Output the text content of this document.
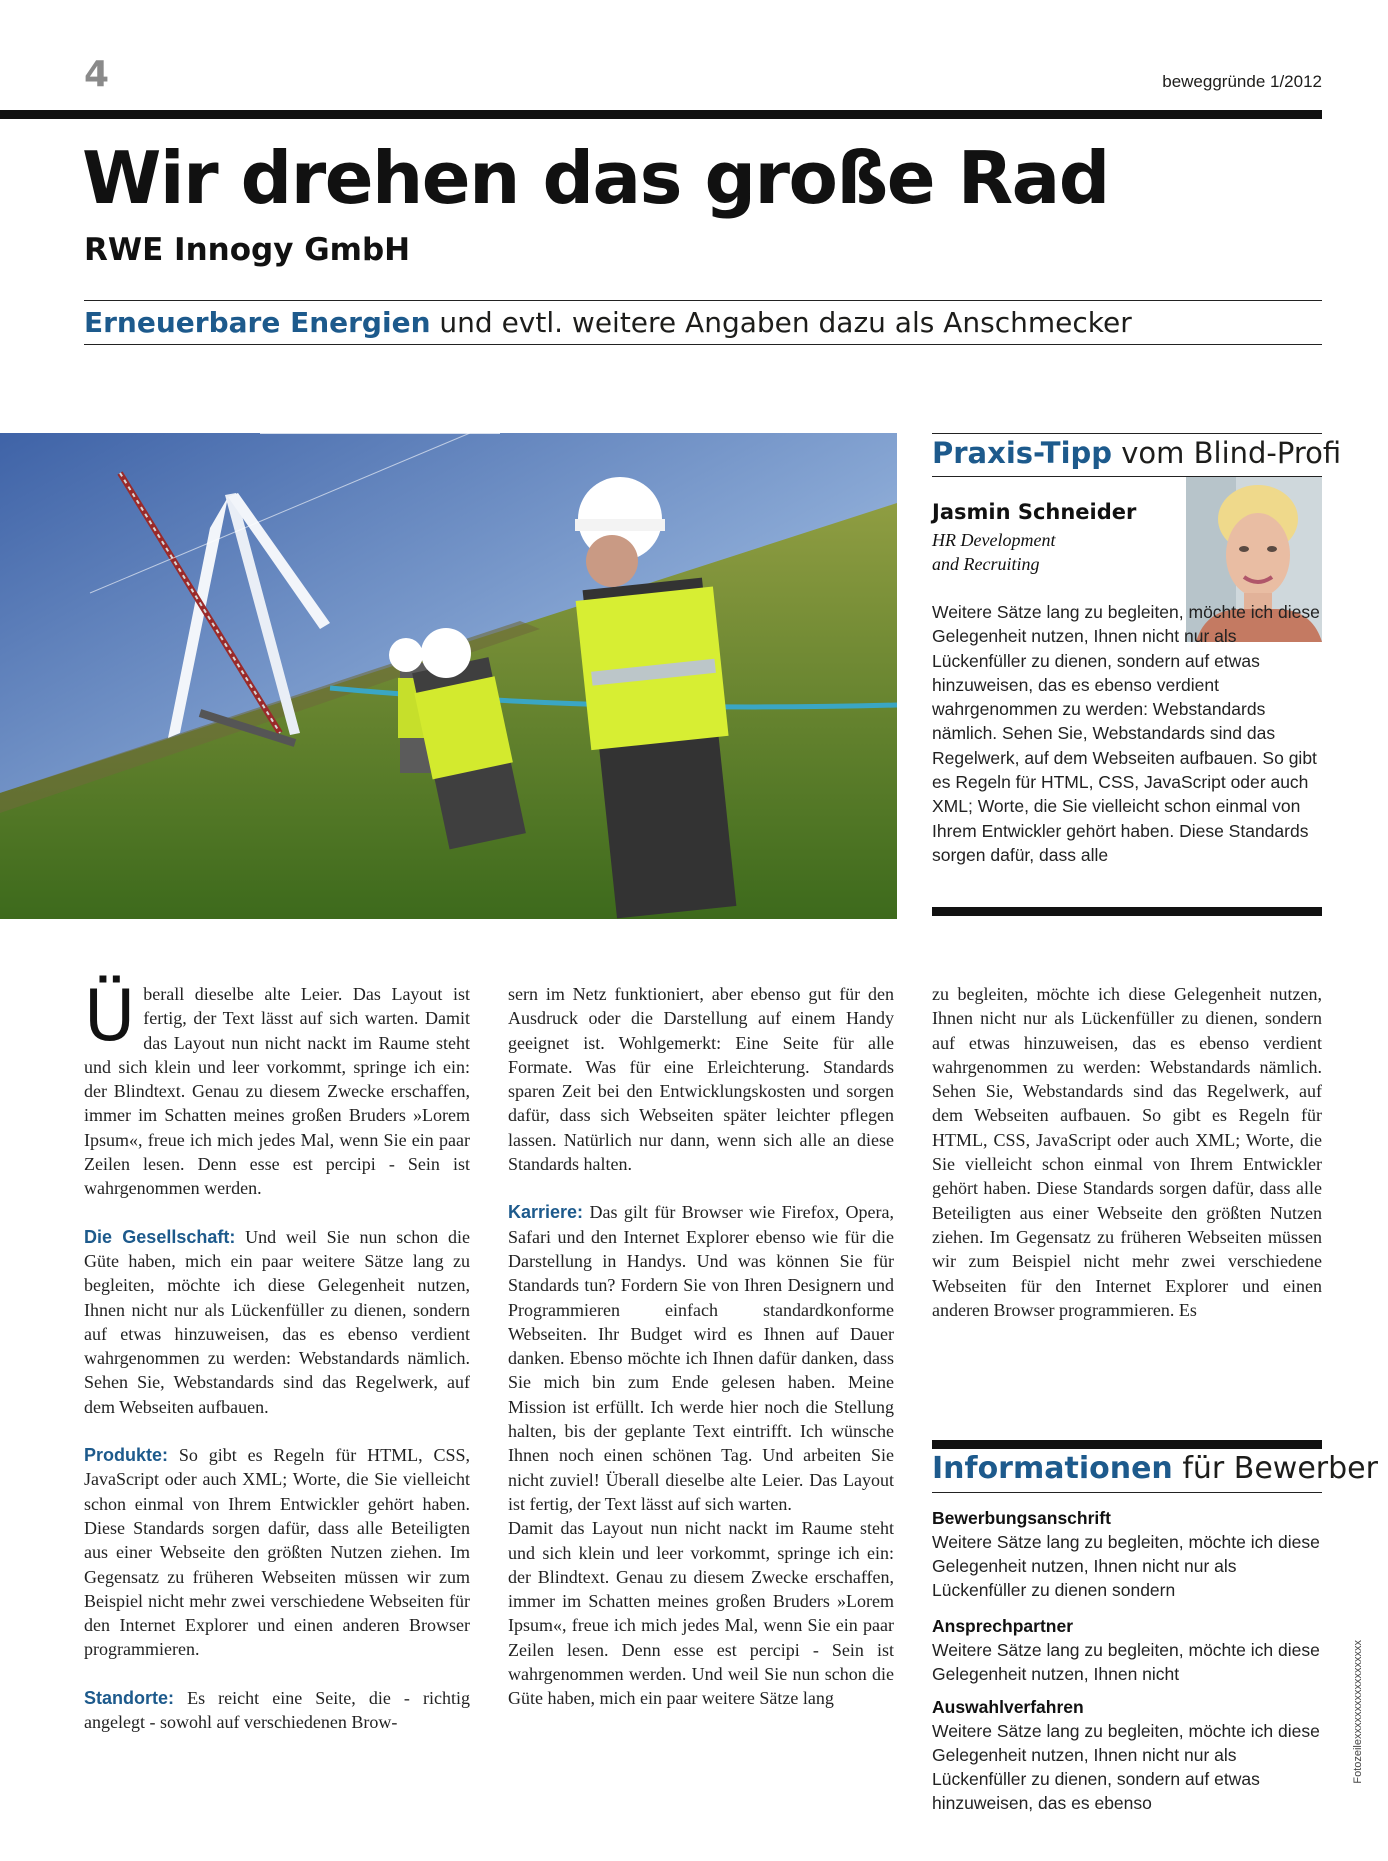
4	beweggründe 1/2012
Wir drehen das große Rad
RWE Innogy GmbH
Erneuerbare Energien und evtl. weitere Angaben dazu als Anschmecker
Praxis-Tipp vom Blind-Profi
Jasmin Schneider
HR Development
and Recruiting

Weitere Sätze lang zu begleiten, möchte ich diese Gelegenheit nutzen, Ihnen nicht nur als Lückenfüller zu dienen, sondern auf etwas hinzuweisen, das es ebenso verdient wahrgenommen zu werden: Webstandards nämlich. Sehen Sie, Webstandards sind das Regelwerk, auf dem Webseiten aufbauen. So gibt es Regeln für HTML, CSS, JavaScript oder auch XML; Worte, die Sie vielleicht schon einmal von Ihrem Entwickler gehört haben. Diese Standards sorgen dafür, dass alle

Überall dieselbe alte Leier. Das Layout ist fertig, der Text lässt auf sich warten. Damit das Layout nun nicht nackt im Raume steht und sich klein und leer vorkommt, springe ich ein: der Blindtext. Genau zu diesem Zwecke erschaffen, immer im Schatten meines großen Bruders »Lorem Ipsum«, freue ich mich jedes Mal, wenn Sie ein paar Zeilen lesen. Denn esse est percipi - Sein ist wahrgenommen werden.

Die Gesellschaft: Und weil Sie nun schon die Güte haben, mich ein paar weitere Sätze lang zu begleiten, möchte ich diese Gelegenheit nutzen, Ihnen nicht nur als Lückenfüller zu dienen, sondern auf etwas hinzuweisen, das es ebenso verdient wahrgenommen zu werden: Webstandards nämlich. Sehen Sie, Webstandards sind das Regelwerk, auf dem Webseiten aufbauen.

Produkte: So gibt es Regeln für HTML, CSS, JavaScript oder auch XML; Worte, die Sie vielleicht schon einmal von Ihrem Entwickler gehört haben. Diese Standards sorgen dafür, dass alle Beteiligten aus einer Webseite den größten Nutzen ziehen. Im Gegensatz zu früheren Webseiten müssen wir zum Beispiel nicht mehr zwei verschiedene Webseiten für den Internet Explorer und einen anderen Browser programmieren.

Standorte: Es reicht eine Seite, die - richtig angelegt - sowohl auf verschiedenen Brow-

sern im Netz funktioniert, aber ebenso gut für den Ausdruck oder die Darstellung auf einem Handy geeignet ist. Wohlgemerkt: Eine Seite für alle Formate. Was für eine Erleichterung. Standards sparen Zeit bei den Entwicklungskosten und sorgen dafür, dass sich Webseiten später leichter pflegen lassen. Natürlich nur dann, wenn sich alle an diese Standards halten.

Karriere: Das gilt für Browser wie Firefox, Opera, Safari und den Internet Explorer ebenso wie für die Darstellung in Handys. Und was können Sie für Standards tun? Fordern Sie von Ihren Designern und Programmieren einfach standardkonforme Webseiten. Ihr Budget wird es Ihnen auf Dauer danken. Ebenso möchte ich Ihnen dafür danken, dass Sie mich bin zum Ende gelesen haben. Meine Mission ist erfüllt. Ich werde hier noch die Stellung halten, bis der geplante Text eintrifft. Ich wünsche Ihnen noch einen schönen Tag. Und arbeiten Sie nicht zuviel! Überall dieselbe alte Leier. Das Layout ist fertig, der Text lässt auf sich warten.

Damit das Layout nun nicht nackt im Raume steht und sich klein und leer vorkommt, springe ich ein: der Blindtext. Genau zu diesem Zwecke erschaffen, immer im Schatten meines großen Bruders »Lorem Ipsum«, freue ich mich jedes Mal, wenn Sie ein paar Zeilen lesen. Denn esse est percipi - Sein ist wahrgenommen werden. Und weil Sie nun schon die Güte haben, mich ein paar weitere Sätze lang

zu begleiten, möchte ich diese Gelegenheit nutzen, Ihnen nicht nur als Lückenfüller zu dienen, sondern auf etwas hinzuweisen, das es ebenso verdient wahrgenommen zu werden: Webstandards nämlich. Sehen Sie, Webstandards sind das Regelwerk, auf dem Webseiten aufbauen. So gibt es Regeln für HTML, CSS, JavaScript oder auch XML; Worte, die Sie vielleicht schon einmal von Ihrem Entwickler gehört haben. Diese Standards sorgen dafür, dass alle Beteiligten aus einer Webseite den größten Nutzen ziehen. Im Gegensatz zu früheren Webseiten müssen wir zum Beispiel nicht mehr zwei verschiedene Webseiten für den Internet Explorer und einen anderen Browser programmieren. Es

Informationen für Bewerber
Bewerbungsanschrift

Weitere Sätze lang zu begleiten, möchte ich diese Gelegenheit nutzen, Ihnen nicht nur als Lückenfüller zu dienen sondern

Ansprechpartner

Weitere Sätze lang zu begleiten, möchte ich diese Gelegenheit nutzen, Ihnen nicht

Auswahlverfahren

Weitere Sätze lang zu begleiten, möchte ich diese Gelegenheit nutzen, Ihnen nicht nur als Lückenfüller zu dienen, sondern auf etwas hinzuweisen, das es ebenso

Fotozeilexxxxxxxxxxxxxxxxxx
